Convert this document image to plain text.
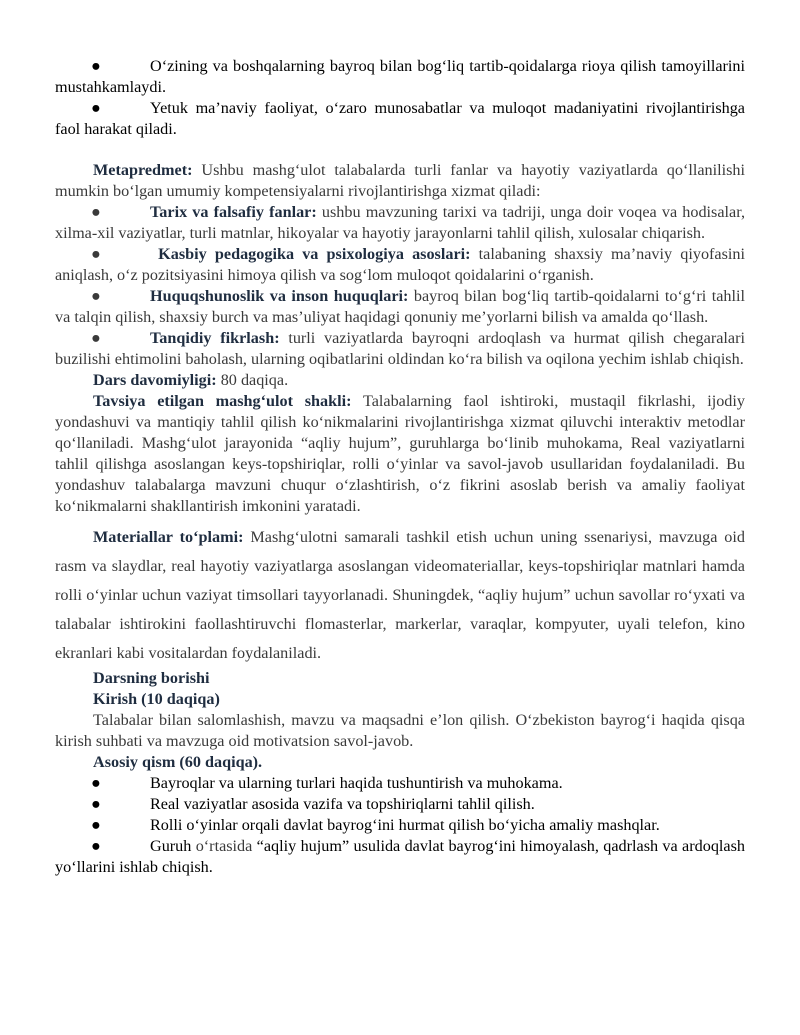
●	O‘zining va boshqalarning bayroq bilan bog‘liq tartib-qoidalarga rioya qilish tamoyillarini mustahkamlaydi.

●	Yetuk ma’naviy faoliyat, o‘zaro munosabatlar va muloqot madaniyatini rivojlantirishga faol harakat qiladi.

Metapredmet: Ushbu mashg‘ulot talabalarda turli fanlar va hayotiy vaziyatlarda qo‘llanilishi mumkin bo‘lgan umumiy kompetensiyalarni rivojlantirishga xizmat qiladi:

●	Tarix va falsafiy fanlar: ushbu mavzuning tarixi va tadriji, unga doir voqea va hodisalar, xilma-xil vaziyatlar, turli matnlar, hikoyalar va hayotiy jarayonlarni tahlil qilish, xulosalar chiqarish.

●	Kasbiy pedagogika va psixologiya asoslari: talabaning shaxsiy ma’naviy qiyofasini aniqlash, o‘z pozitsiyasini himoya qilish va sog‘lom muloqot qoidalarini o‘rganish.

●	Huquqshunoslik va inson huquqlari: bayroq bilan bog‘liq tartib-qoidalarni to‘g‘ri tahlil va talqin qilish, shaxsiy burch va mas’uliyat haqidagi qonuniy me’yorlarni bilish va amalda qo‘llash.

●	Tanqidiy fikrlash: turli vaziyatlarda bayroqni ardoqlash va hurmat qilish chegaralari buzilishi ehtimolini baholash, ularning oqibatlarini oldindan ko‘ra bilish va oqilona yechim ishlab chiqish.

Dars davomiyligi: 80 daqiqa.

Tavsiya etilgan mashg‘ulot shakli: Talabalarning faol ishtiroki, mustaqil fikrlashi, ijodiy yondashuvi va mantiqiy tahlil qilish ko‘nikmalarini rivojlantirishga xizmat qiluvchi interaktiv metodlar qo‘llaniladi. Mashg‘ulot jarayonida “aqliy hujum”, guruhlarga bo‘linib muhokama, Real vaziyatlarni tahlil qilishga asoslangan keys-topshiriqlar, rolli o‘yinlar va savol-javob usullaridan foydalaniladi. Bu yondashuv talabalarga mavzuni chuqur o‘zlashtirish, o‘z fikrini asoslab berish va amaliy faoliyat ko‘nikmalarni shakllantirish imkonini yaratadi.

Materiallar to‘plami: Mashg‘ulotni samarali tashkil etish uchun uning ssenariysi, mavzuga oid rasm va slaydlar, real hayotiy vaziyatlarga asoslangan videomateriallar, keys-topshiriqlar matnlari hamda rolli o‘yinlar uchun vaziyat timsollari tayyorlanadi. Shuningdek, “aqliy hujum” uchun savollar ro‘yxati va talabalar ishtirokini faollashtiruvchi flomasterlar, markerlar, varaqlar, kompyuter, uyali telefon, kino ekranlari kabi vositalardan foydalaniladi.

Darsning borishi

Kirish (10 daqiqa)

Talabalar bilan salomlashish, mavzu va maqsadni e’lon qilish. O‘zbekiston bayrog‘i haqida qisqa kirish suhbati va mavzuga oid motivatsion savol-javob.

Asosiy qism (60 daqiqa).

●	Bayroqlar va ularning turlari haqida tushuntirish va muhokama.

●	Real vaziyatlar asosida vazifa va topshiriqlarni tahlil qilish.

●	Rolli o‘yinlar orqali davlat bayrog‘ini hurmat qilish bo‘yicha amaliy mashqlar.

●	Guruh o‘rtasida “aqliy hujum” usulida davlat bayrog‘ini himoyalash, qadrlash va ardoqlash yo‘llarini ishlab chiqish.
